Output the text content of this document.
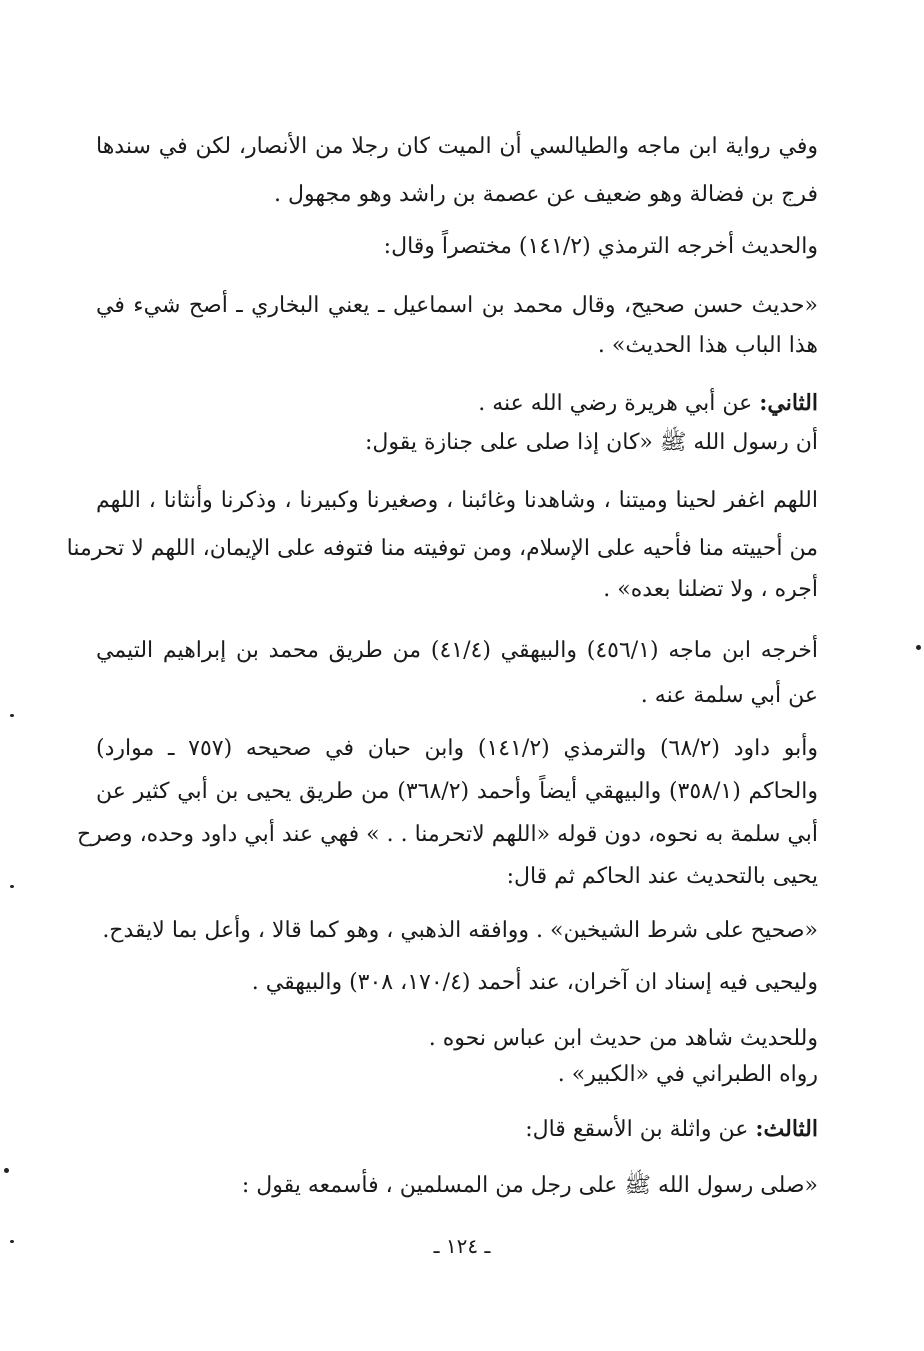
وفي رواية ابن ماجه والطيالسي أن الميت كان رجلا من الأنصار، لكن في سندها
فرج بن فضالة وهو ضعيف عن عصمة بن راشد وهو مجهول .
والحديث أخرجه الترمذي (١٤١/٢) مختصراً وقال:
«حديث حسن صحيح، وقال محمد بن اسماعيل ـ يعني البخاري ـ أصح شيء في
هذا الباب هذا الحديث» .
الثاني: عن أبي هريرة رضي الله عنه .
أن رسول الله ﷺ «كان إذا صلى على جنازة يقول:
اللهم اغفر لحينا وميتنا ، وشاهدنا وغائبنا ، وصغيرنا وكبيرنا ، وذكرنا وأنثانا ، اللهم
من أحييته منا فأحيه على الإسلام، ومن توفيته منا فتوفه على الإيمان، اللهم لا تحرمنا
أجره ، ولا تضلنا بعده» .
أخرجه ابن ماجه (٤٥٦/١) والبيهقي (٤١/٤) من طريق محمد بن إبراهيم التيمي
عن أبي سلمة عنه .
وأبو داود (٦٨/٢) والترمذي (١٤١/٢) وابن حبان في صحيحه (٧٥٧ ـ موارد)
والحاكم (٣٥٨/١) والبيهقي أيضاً وأحمد (٣٦٨/٢) من طريق يحيى بن أبي كثير عن
أبي سلمة به نحوه، دون قوله «اللهم لاتحرمنا . . » فهي عند أبي داود وحده، وصرح
يحيى بالتحديث عند الحاكم ثم قال:
«صحيح على شرط الشيخين» . ووافقه الذهبي ، وهو كما قالا ، وأعل بما لايقدح.
وليحيى فيه إسناد ان آخران، عند أحمد (١٧٠/٤، ٣٠٨) والبيهقي .
وللحديث شاهد من حديث ابن عباس نحوه .
رواه الطبراني في «الكبير» .
الثالث: عن واثلة بن الأسقع قال:
«صلى رسول الله ﷺ على رجل من المسلمين ، فأسمعه يقول :
ـ ١٢٤ ـ
